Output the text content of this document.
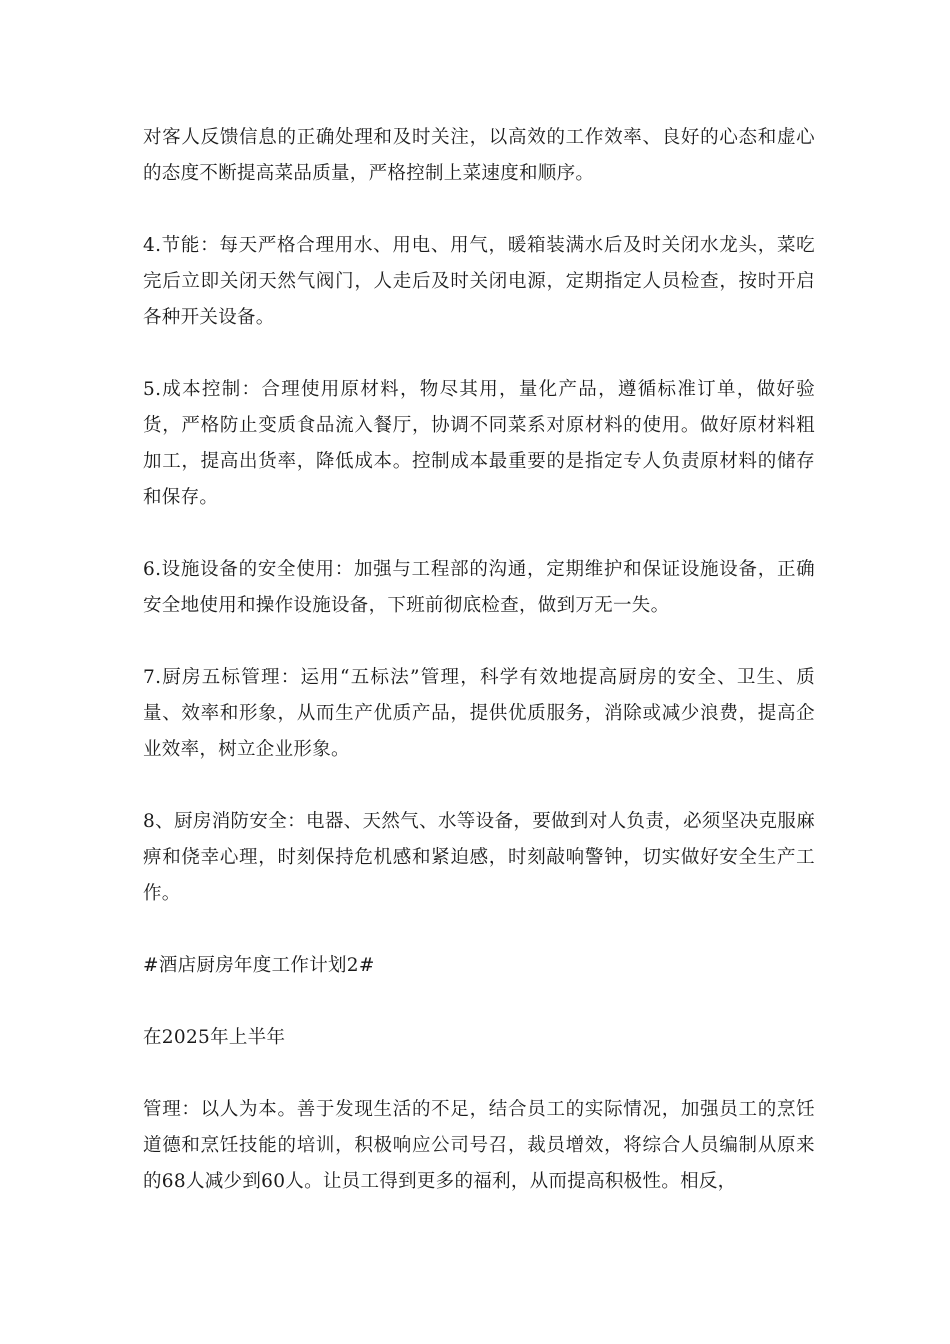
对客人反馈信息的正确处理和及时关注，以高效的工作效率、良好的心态和虚心的态度不断提高菜品质量，严格控制上菜速度和顺序。

4.节能：每天严格合理用水、用电、用气，暖箱装满水后及时关闭水龙头，菜吃完后立即关闭天然气阀门，人走后及时关闭电源，定期指定人员检查，按时开启各种开关设备。

5.成本控制：合理使用原材料，物尽其用，量化产品，遵循标准订单，做好验货，严格防止变质食品流入餐厅，协调不同菜系对原材料的使用。做好原材料粗加工，提高出货率，降低成本。控制成本最重要的是指定专人负责原材料的储存和保存。

6.设施设备的安全使用：加强与工程部的沟通，定期维护和保证设施设备，正确安全地使用和操作设施设备，下班前彻底检查，做到万无一失。

7.厨房五标管理：运用“五标法”管理，科学有效地提高厨房的安全、卫生、质量、效率和形象，从而生产优质产品，提供优质服务，消除或减少浪费，提高企业效率，树立企业形象。

8、厨房消防安全：电器、天然气、水等设备，要做到对人负责，必须坚决克服麻痹和侥幸心理，时刻保持危机感和紧迫感，时刻敲响警钟，切实做好安全生产工作。

#酒店厨房年度工作计划2#

在2025年上半年

管理：以人为本。善于发现生活的不足，结合员工的实际情况，加强员工的烹饪道德和烹饪技能的培训，积极响应公司号召，裁员增效，将综合人员编制从原来的68人减少到60人。让员工得到更多的福利，从而提高积极性。相反，
